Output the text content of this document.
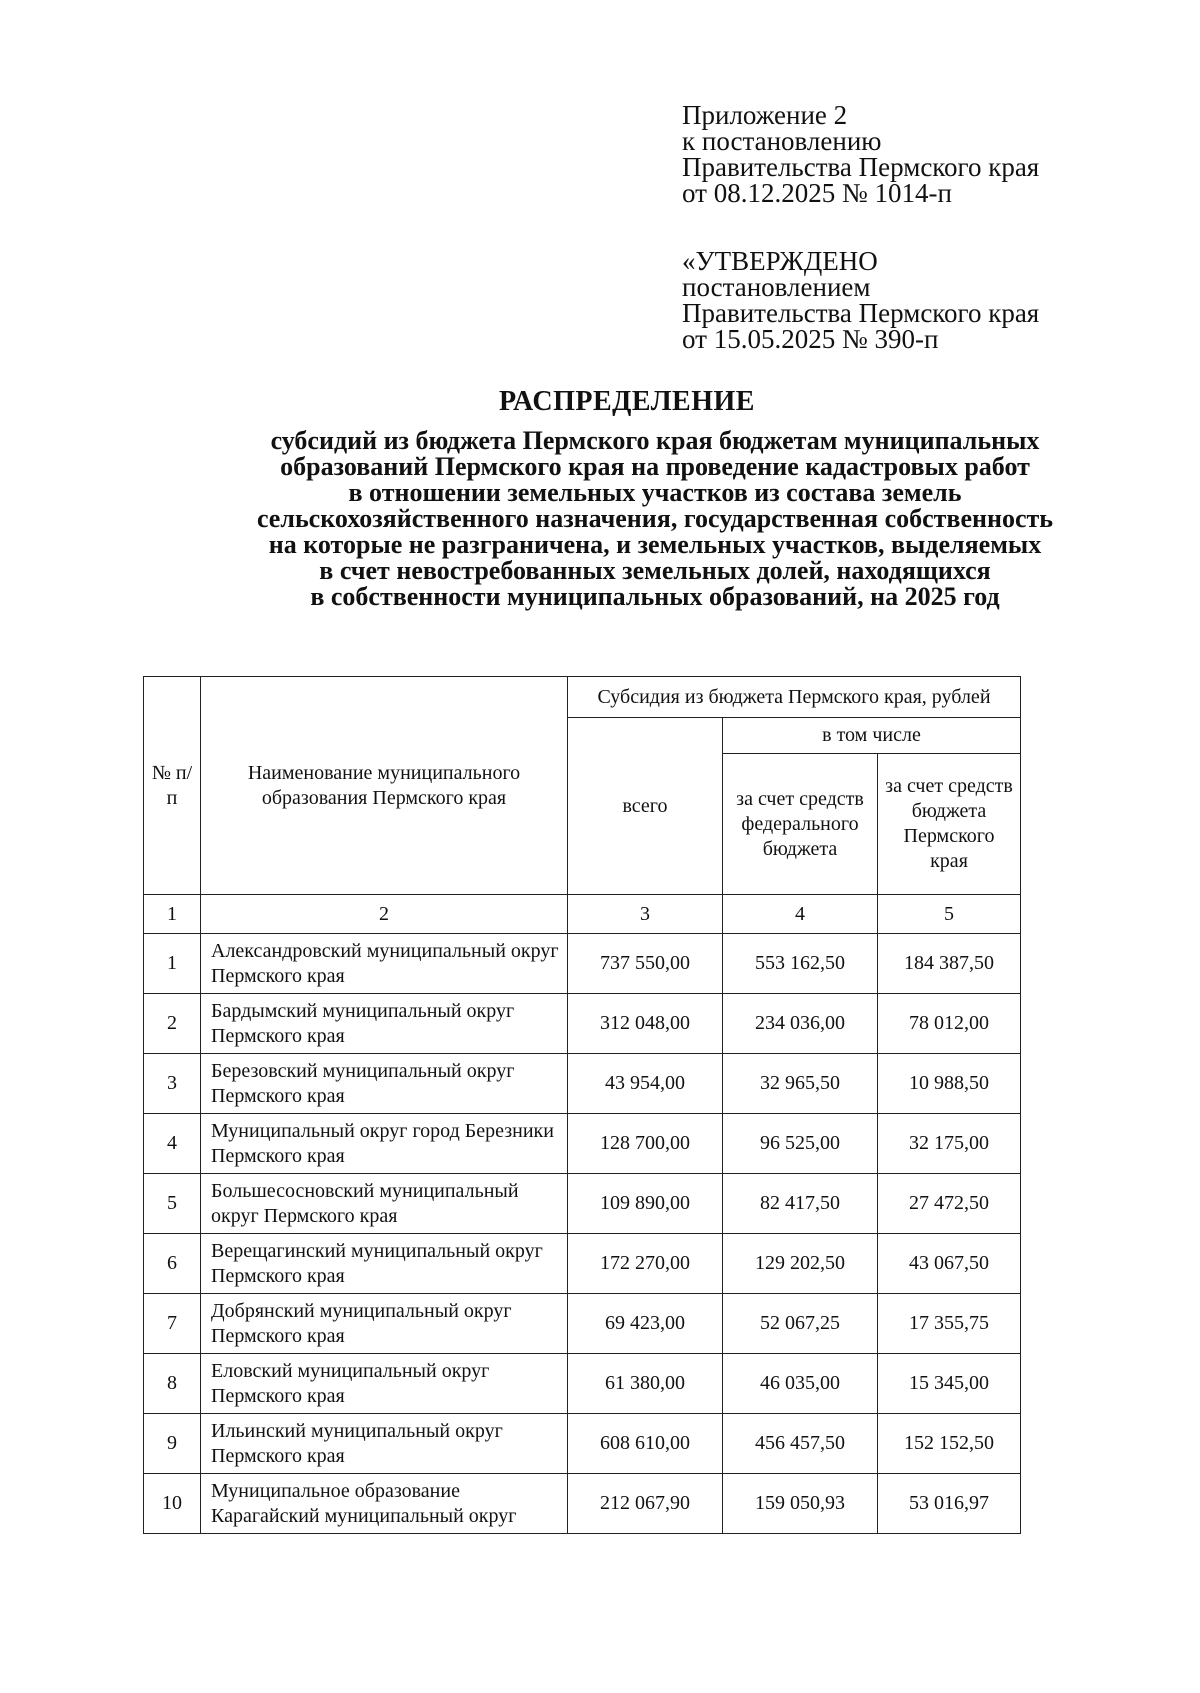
Приложение 2
к постановлению
Правительства Пермского края
от 08.12.2025 № 1014-п
«УТВЕРЖДЕНО
постановлением
Правительства Пермского края
от 15.05.2025 № 390-п
РАСПРЕДЕЛЕНИЕ
субсидий из бюджета Пермского края бюджетам муниципальных
образований Пермского края на проведение кадастровых работ
в отношении земельных участков из состава земель
сельскохозяйственного назначения, государственная собственность
на которые не разграничена, и земельных участков, выделяемых
в счет невостребованных земельных долей, находящихся
в собственности муниципальных образований, на 2025 год
№ п/п	Наименование муниципального образования Пермского края	Субсидия из бюджета Пермского края, рублей		
		всего	в том числе	
			за счет средств федерального бюджета	за счет средств бюджета Пермского края
1	2	3	4	5
1	Александровский муниципальный округ Пермского края	737 550,00	553 162,50	184 387,50
2	Бардымский муниципальный округ Пермского края	312 048,00	234 036,00	78 012,00
3	Березовский муниципальный округ Пермского края	43 954,00	32 965,50	10 988,50
4	Муниципальный округ город Березники Пермского края	128 700,00	96 525,00	32 175,00
5	Большесосновский муниципальный округ Пермского края	109 890,00	82 417,50	27 472,50
6	Верещагинский муниципальный округ Пермского края	172 270,00	129 202,50	43 067,50
7	Добрянский муниципальный округ Пермского края	69 423,00	52 067,25	17 355,75
8	Еловский муниципальный округ Пермского края	61 380,00	46 035,00	15 345,00
9	Ильинский муниципальный округ Пермского края	608 610,00	456 457,50	152 152,50
10	Муниципальное образование Карагайский муниципальный округ	212 067,90	159 050,93	53 016,97
